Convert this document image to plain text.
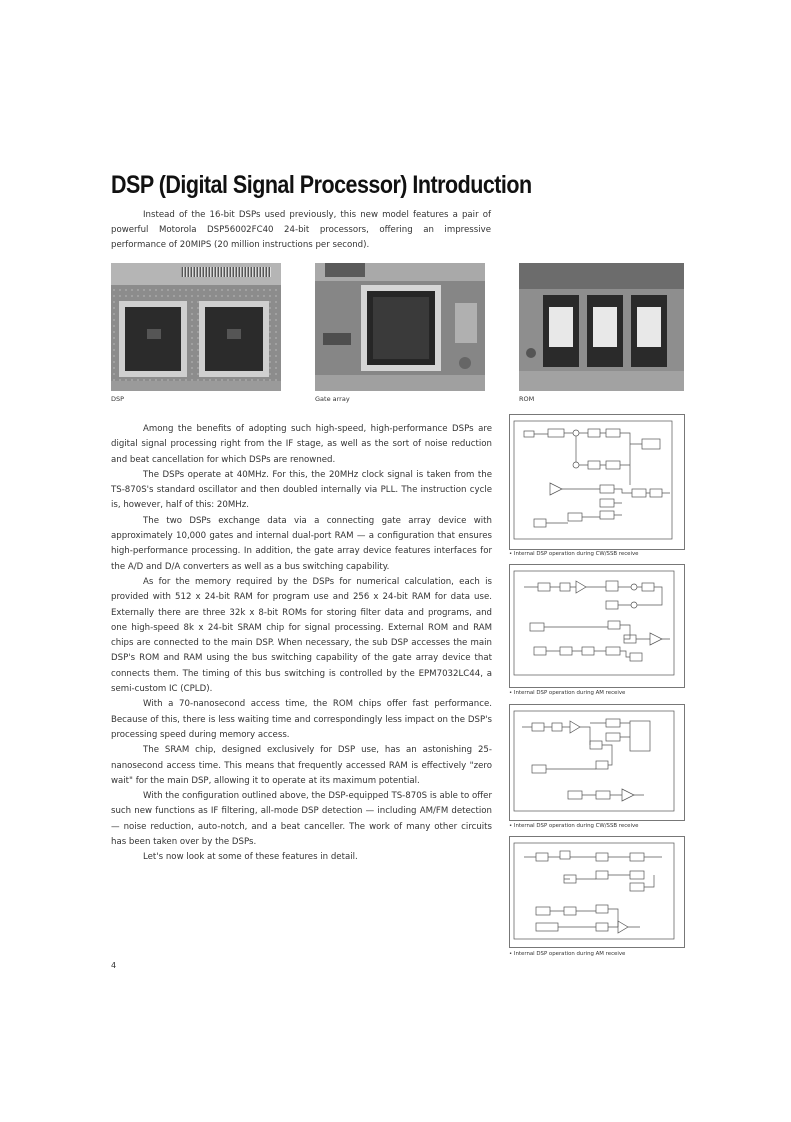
DSP (Digital Signal Processor) Introduction

Instead of the 16-bit DSPs used previously, this new model features a pair of powerful Motorola DSP56002FC40 24-bit processors, offering an impressive performance of 20MIPS (20 million instructions per second).

DSP	Gate array	ROM

Among the benefits of adopting such high-speed, high-performance DSPs are digital signal processing right from the IF stage, as well as the sort of noise reduction and beat cancellation for which DSPs are renowned.

The DSPs operate at 40MHz. For this, the 20MHz clock signal is taken from the TS-870S's standard oscillator and then doubled internally via PLL. The instruction cycle is, however, half of this: 20MHz.

The two DSPs exchange data via a connecting gate array device with approximately 10,000 gates and internal dual-port RAM — a configuration that ensures high-performance processing. In addition, the gate array device features interfaces for the A/D and D/A converters as well as a bus switching capability.

As for the memory required by the DSPs for numerical calculation, each is provided with 512 x 24-bit RAM for program use and 256 x 24-bit RAM for data use. Externally there are three 32k x 8-bit ROMs for storing filter data and programs, and one high-speed 8k x 24-bit SRAM chip for signal processing. External ROM and RAM chips are connected to the main DSP. When necessary, the sub DSP accesses the main DSP's ROM and RAM using the bus switching capability of the gate array device that connects them. The timing of this bus switching is controlled by the EPM7032LC44, a semi-custom IC (CPLD).

With a 70-nanosecond access time, the ROM chips offer fast performance. Because of this, there is less waiting time and correspondingly less impact on the DSP's processing speed during memory access.

The SRAM chip, designed exclusively for DSP use, has an astonishing 25-nanosecond access time. This means that frequently accessed RAM is effectively "zero wait" for the main DSP, allowing it to operate at its maximum potential.

With the configuration outlined above, the DSP-equipped TS-870S is able to offer such new functions as IF filtering, all-mode DSP detection — including AM/FM detection — noise reduction, auto-notch, and a beat canceller. The work of many other circuits has been taken over by the DSPs.

Let's now look at some of these features in detail.

• Internal DSP operation during CW/SSB receive
• Internal DSP operation during AM receive
• Internal DSP operation during CW/SSB receive
• Internal DSP operation during AM receive
4
